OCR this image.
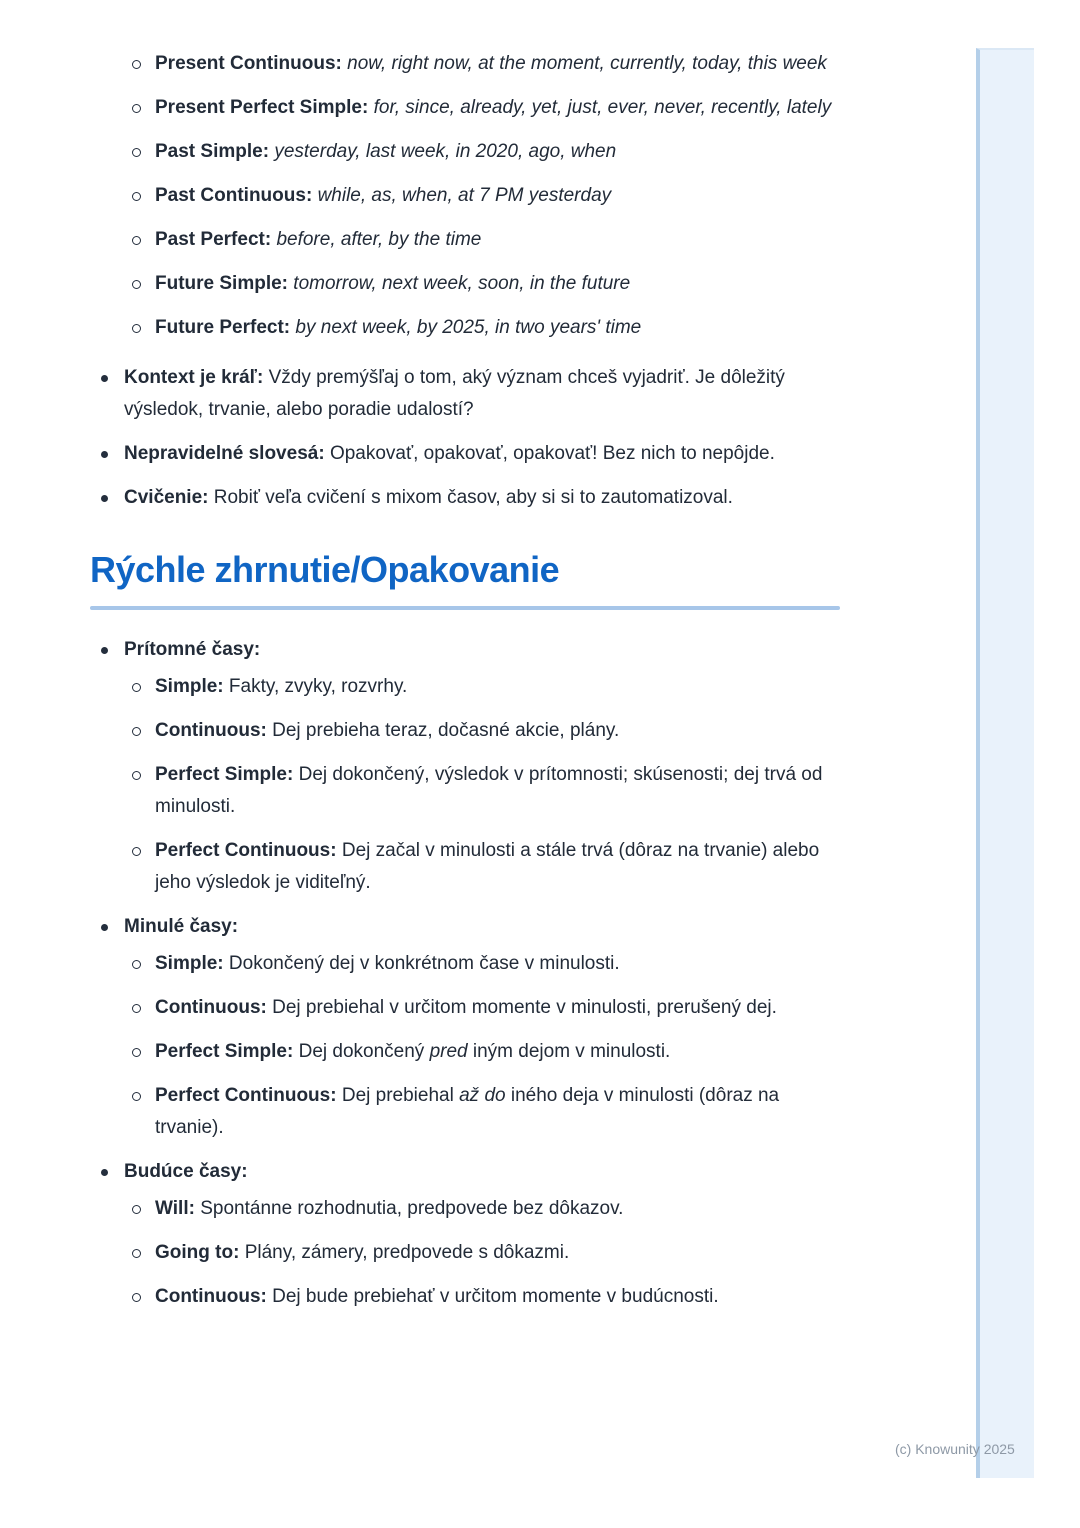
Present Continuous: now, right now, at the moment, currently, today, this week
Present Perfect Simple: for, since, already, yet, just, ever, never, recently, lately
Past Simple: yesterday, last week, in 2020, ago, when
Past Continuous: while, as, when, at 7 PM yesterday
Past Perfect: before, after, by the time
Future Simple: tomorrow, next week, soon, in the future
Future Perfect: by next week, by 2025, in two years' time
Kontext je kráľ: Vždy premýšľaj o tom, aký význam chceš vyjadriť. Je dôležitý výsledok, trvanie, alebo poradie udalostí?
Nepravidelné slovesá: Opakovať, opakovať, opakovať! Bez nich to nepôjde.
Cvičenie: Robiť veľa cvičení s mixom časov, aby si si to zautomatizoval.
Rýchle zhrnutie/Opakovanie
Prítomné časy:
Simple: Fakty, zvyky, rozvrhy.
Continuous: Dej prebieha teraz, dočasné akcie, plány.
Perfect Simple: Dej dokončený, výsledok v prítomnosti; skúsenosti; dej trvá od minulosti.
Perfect Continuous: Dej začal v minulosti a stále trvá (dôraz na trvanie) alebo jeho výsledok je viditeľný.
Minulé časy:
Simple: Dokončený dej v konkrétnom čase v minulosti.
Continuous: Dej prebiehal v určitom momente v minulosti, prerušený dej.
Perfect Simple: Dej dokončený pred iným dejom v minulosti.
Perfect Continuous: Dej prebiehal až do iného deja v minulosti (dôraz na trvanie).
Budúce časy:
Will: Spontánne rozhodnutia, predpovede bez dôkazov.
Going to: Plány, zámery, predpovede s dôkazmi.
Continuous: Dej bude prebiehať v určitom momente v budúcnosti.
(c) Knowunity 2025
